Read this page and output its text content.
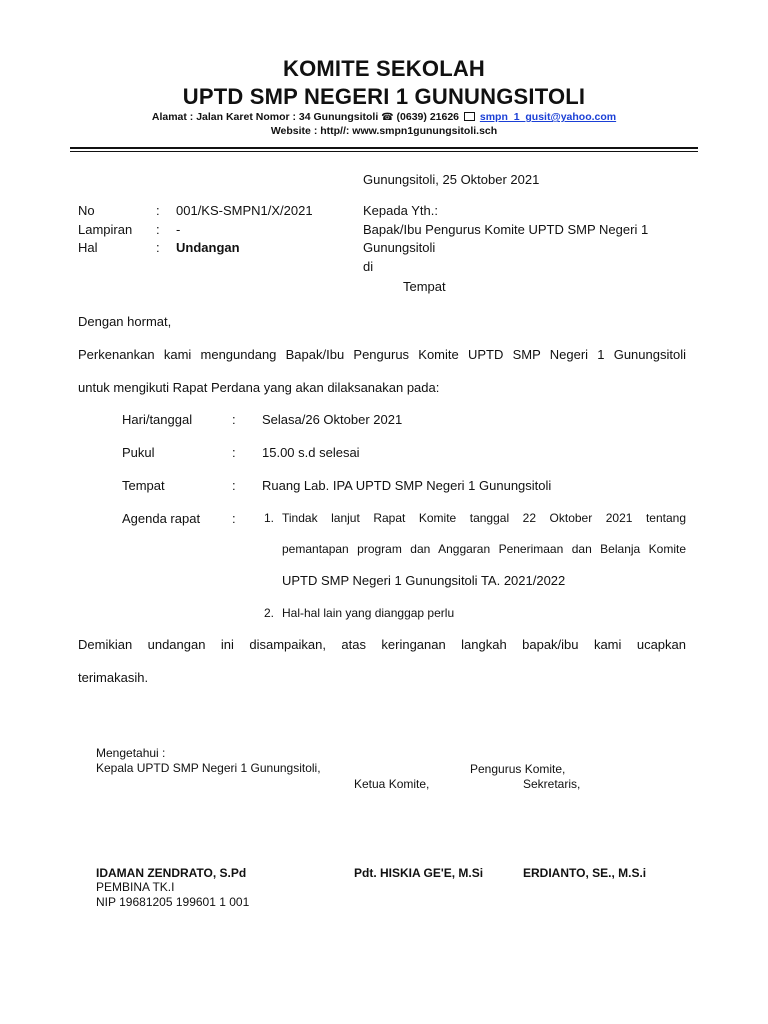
KOMITE SEKOLAH
UPTD SMP NEGERI 1 GUNUNGSITOLI
Alamat : Jalan Karet Nomor : 34 Gunungsitoli ☎ (0639) 21626 smpn_1_gusit@yahoo.com
Website : http//: www.smpn1gunungsitoli.sch
Gunungsitoli, 25 Oktober 2021
No	: 001/KS-SMPN1/X/2021
Lampiran : -
Hal	: Undangan
Kepada Yth.:
Bapak/Ibu Pengurus Komite UPTD SMP Negeri 1
Gunungsitoli
di
Tempat
Dengan hormat,
Perkenankan kami mengundang Bapak/Ibu Pengurus Komite UPTD SMP Negeri 1 Gunungsitoli
untuk mengikuti Rapat Perdana yang akan dilaksanakan pada:
Hari/tanggal	: Selasa/26 Oktober 2021
Pukul	: 15.00 s.d selesai
Tempat	: Ruang Lab. IPA UPTD SMP Negeri 1 Gunungsitoli
Agenda rapat : 1. Tindak lanjut Rapat Komite tanggal 22 Oktober 2021 tentang
pemantapan program dan Anggaran Penerimaan dan Belanja Komite
UPTD SMP Negeri 1 Gunungsitoli TA. 2021/2022
2. Hal-hal lain yang dianggap perlu
Demikian undangan ini disampaikan, atas keringanan langkah bapak/ibu kami ucapkan
terimakasih.
Mengetahui :
Kepala UPTD SMP Negeri 1 Gunungsitoli,	Pengurus Komite,
Ketua Komite,	Sekretaris,
IDAMAN ZENDRATO, S.Pd
PEMBINA TK.I
NIP 19681205 199601 1 001
Pdt. HISKIA GE'E, M.Si	ERDIANTO, SE., M.S.i
